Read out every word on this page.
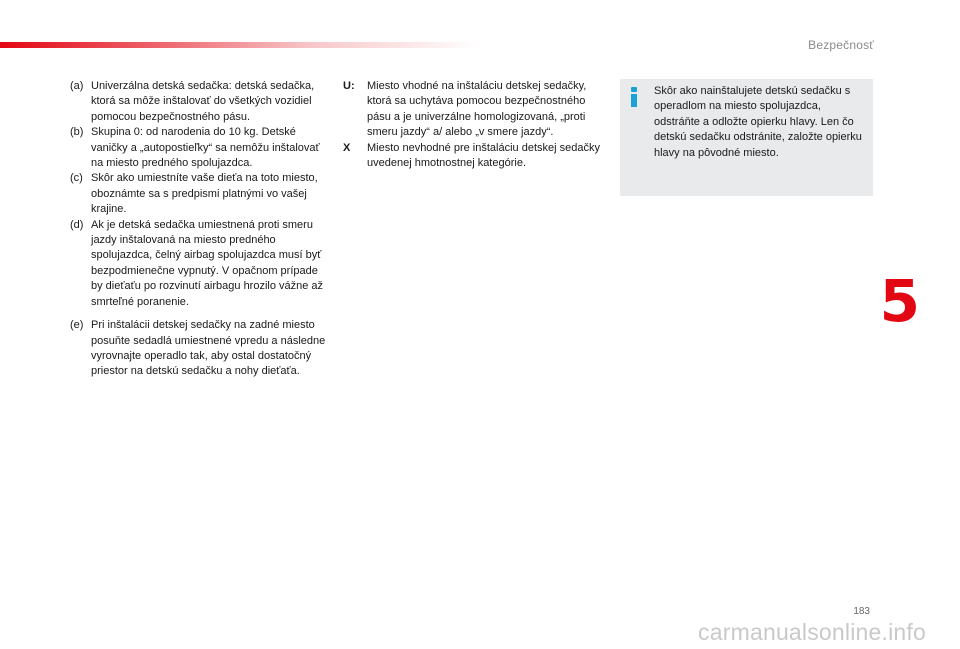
Bezpečnosť
5
(a) Univerzálna detská sedačka: detská sedačka, ktorá sa môže inštalovať do všetkých vozidiel pomocou bezpečnostného pásu.
(b) Skupina 0: od narodenia do 10 kg. Detské vaničky a „autopostieľky“ sa nemôžu inštalovať na miesto predného spolujazdca.
(c) Skôr ako umiestníte vaše dieťa na toto miesto, oboznámte sa s predpismi platnými vo vašej krajine.
(d) Ak je detská sedačka umiestnená proti smeru jazdy inštalovaná na miesto predného spolujazdca, čelný airbag spolujazdca musí byť bezpodmienečne vypnutý. V opačnom prípade by dieťaťu po rozvinutí airbagu hrozilo vážne až smrteľné poranenie.
(e) Pri inštalácii detskej sedačky na zadné miesto posuňte sedadlá umiestnené vpredu a následne vyrovnajte operadlo tak, aby ostal dostatočný priestor na detskú sedačku a nohy dieťaťa.
U:	Miesto vhodné na inštaláciu detskej sedačky, ktorá sa uchytáva pomocou bezpečnostného pásu a je univerzálne homologizovaná, „proti smeru jazdy“ a/ alebo „v smere jazdy“.
X	Miesto nevhodné pre inštaláciu detskej sedačky uvedenej hmotnostnej kategórie.
Skôr ako nainštalujete detskú sedačku s operadlom na miesto spolujazdca, odstráňte a odložte opierku hlavy. Len čo detskú sedačku odstránite, založte opierku hlavy na pôvodné miesto.
183
carmanualsonline.info
